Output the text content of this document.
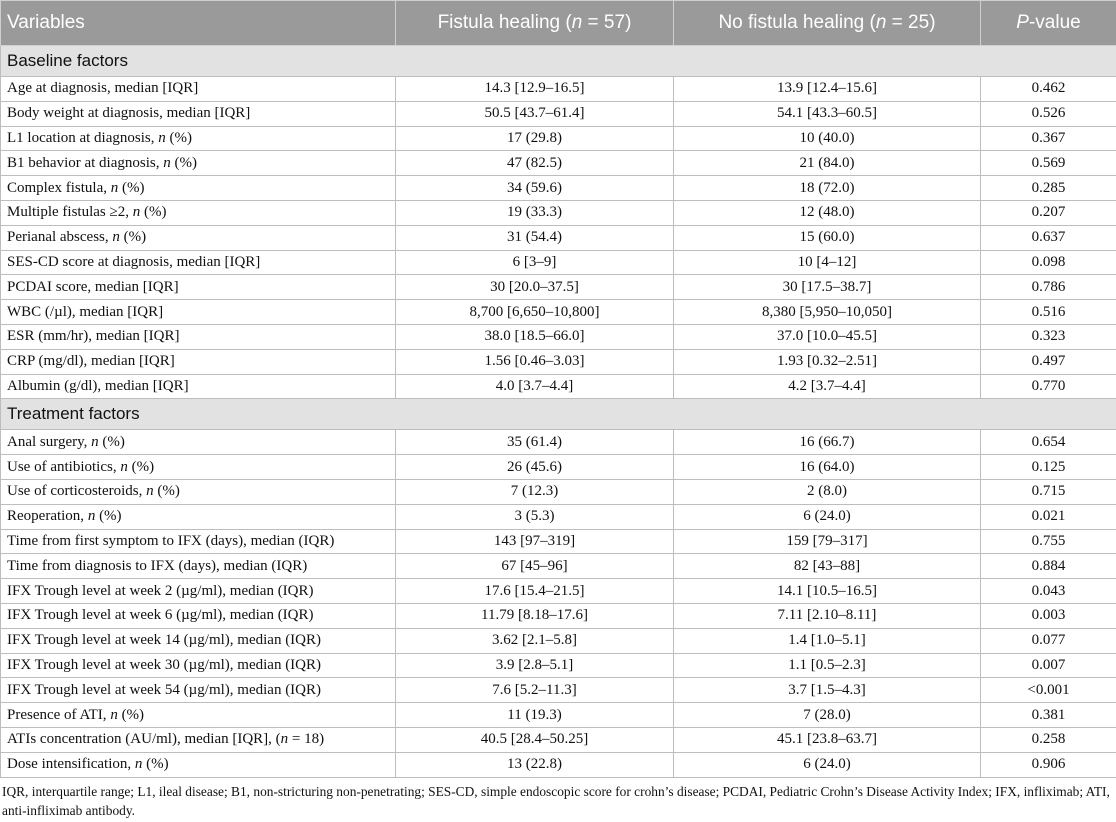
Variables	Fistula healing (n = 57)	No fistula healing (n = 25)	P-value
Baseline factors			
Age at diagnosis, median [IQR]	14.3 [12.9–16.5]	13.9 [12.4–15.6]	0.462
Body weight at diagnosis, median [IQR]	50.5 [43.7–61.4]	54.1 [43.3–60.5]	0.526
L1 location at diagnosis, n (%)	17 (29.8)	10 (40.0)	0.367
B1 behavior at diagnosis, n (%)	47 (82.5)	21 (84.0)	0.569
Complex fistula, n (%)	34 (59.6)	18 (72.0)	0.285
Multiple fistulas ≥2, n (%)	19 (33.3)	12 (48.0)	0.207
Perianal abscess, n (%)	31 (54.4)	15 (60.0)	0.637
SES-CD score at diagnosis, median [IQR]	6 [3–9]	10 [4–12]	0.098
PCDAI score, median [IQR]	30 [20.0–37.5]	30 [17.5–38.7]	0.786
WBC (/µl), median [IQR]	8,700 [6,650–10,800]	8,380 [5,950–10,050]	0.516
ESR (mm/hr), median [IQR]	38.0 [18.5–66.0]	37.0 [10.0–45.5]	0.323
CRP (mg/dl), median [IQR]	1.56 [0.46–3.03]	1.93 [0.32–2.51]	0.497
Albumin (g/dl), median [IQR]	4.0 [3.7–4.4]	4.2 [3.7–4.4]	0.770
Treatment factors			
Anal surgery, n (%)	35 (61.4)	16 (66.7)	0.654
Use of antibiotics, n (%)	26 (45.6)	16 (64.0)	0.125
Use of corticosteroids, n (%)	7 (12.3)	2 (8.0)	0.715
Reoperation, n (%)	3 (5.3)	6 (24.0)	0.021
Time from first symptom to IFX (days), median (IQR)	143 [97–319]	159 [79–317]	0.755
Time from diagnosis to IFX (days), median (IQR)	67 [45–96]	82 [43–88]	0.884
IFX Trough level at week 2 (µg/ml), median (IQR)	17.6 [15.4–21.5]	14.1 [10.5–16.5]	0.043
IFX Trough level at week 6 (µg/ml), median (IQR)	11.79 [8.18–17.6]	7.11 [2.10–8.11]	0.003
IFX Trough level at week 14 (µg/ml), median (IQR)	3.62 [2.1–5.8]	1.4 [1.0–5.1]	0.077
IFX Trough level at week 30 (µg/ml), median (IQR)	3.9 [2.8–5.1]	1.1 [0.5–2.3]	0.007
IFX Trough level at week 54 (µg/ml), median (IQR)	7.6 [5.2–11.3]	3.7 [1.5–4.3]	<0.001
Presence of ATI, n (%)	11 (19.3)	7 (28.0)	0.381
ATIs concentration (AU/ml), median [IQR], (n = 18)	40.5 [28.4–50.25]	45.1 [23.8–63.7]	0.258
Dose intensification, n (%)	13 (22.8)	6 (24.0)	0.906
IQR, interquartile range; L1, ileal disease; B1, non-stricturing non-penetrating; SES-CD, simple endoscopic score for crohn’s disease; PCDAI, Pediatric Crohn’s Disease Activity Index; IFX, infliximab; ATI, anti-infliximab antibody.
